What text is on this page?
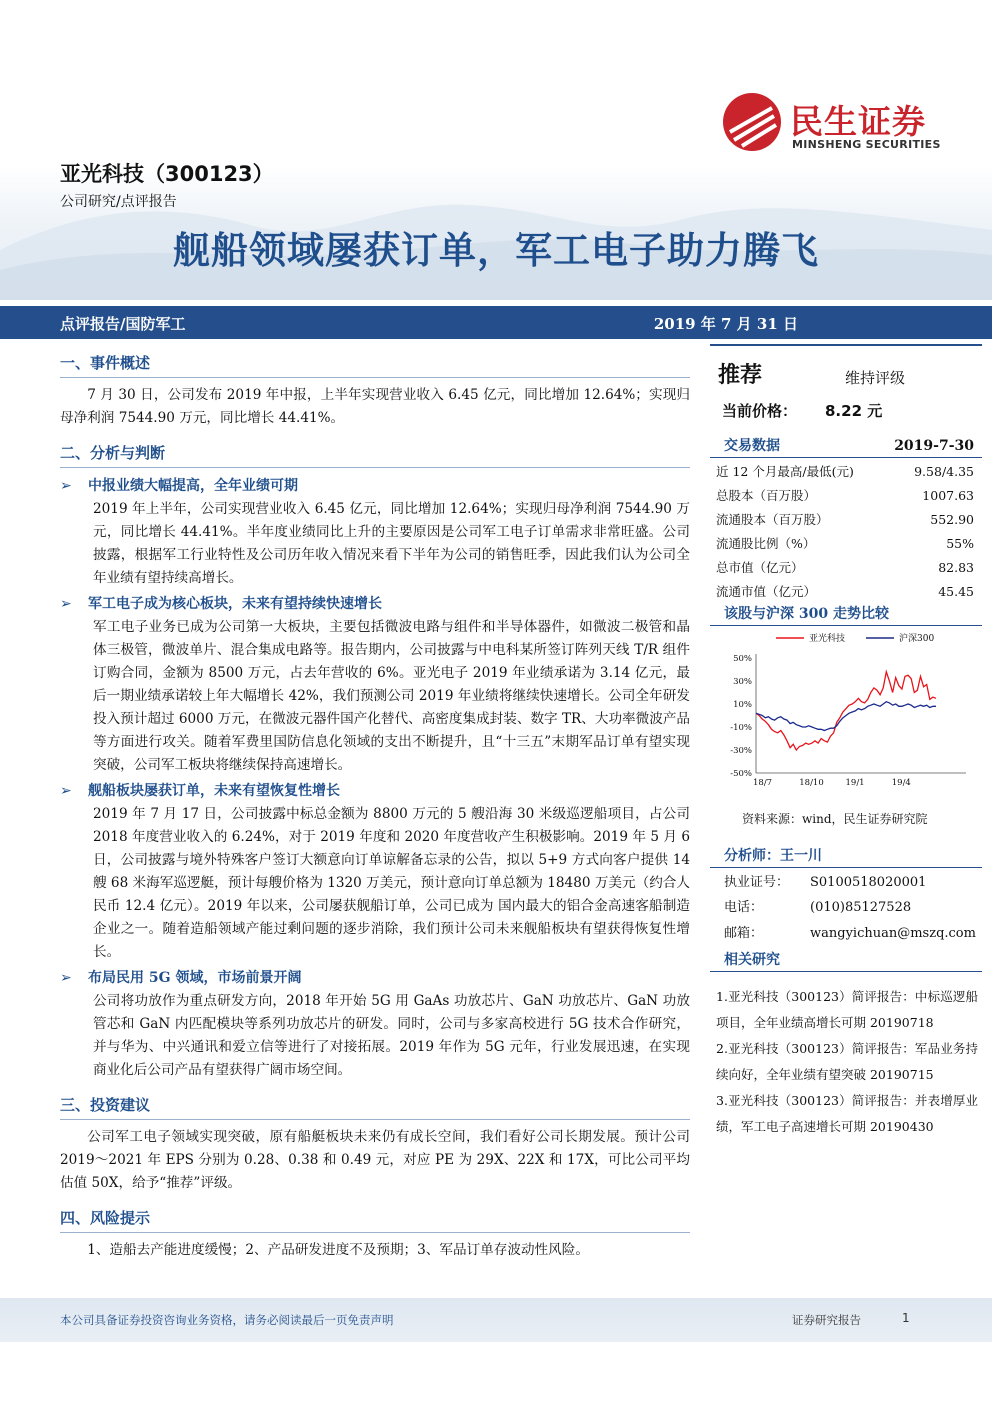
民生证券
MINSHENG SECURITIES
亚光科技（300123）
公司研究/点评报告
舰船领域屡获订单，军工电子助力腾飞
点评报告/国防军工	2019 年 7 月 31 日
一、事件概述
7 月 30 日，公司发布 2019 年中报，上半年实现营业收入 6.45 亿元，同比增加 12.64%；实现归母净利润 7544.90 万元，同比增长 44.41%。
二、分析与判断
➢ 中报业绩大幅提高，全年业绩可期
2019 年上半年，公司实现营业收入 6.45 亿元，同比增加 12.64%；实现归母净利润 7544.90 万元，同比增长 44.41%。半年度业绩同比上升的主要原因是公司军工电子订单需求非常旺盛。公司披露，根据军工行业特性及公司历年收入情况来看下半年为公司的销售旺季，因此我们认为公司全年业绩有望持续高增长。
➢ 军工电子成为核心板块，未来有望持续快速增长
军工电子业务已成为公司第一大板块，主要包括微波电路与组件和半导体器件，如微波二极管和晶体三极管，微波单片、混合集成电路等。报告期内，公司披露与中电科某所签订阵列天线 T/R 组件订购合同，金额为 8500 万元，占去年营收的 6%。亚光电子 2019 年业绩承诺为 3.14 亿元，最后一期业绩承诺较上年大幅增长 42%，我们预测公司 2019 年业绩将继续快速增长。公司全年研发投入预计超过 6000 万元，在微波元器件国产化替代、高密度集成封装、数字 TR、大功率微波产品等方面进行攻关。随着军费里国防信息化领域的支出不断提升，且“十三五”末期军品订单有望实现突破，公司军工板块将继续保持高速增长。
➢ 舰船板块屡获订单，未来有望恢复性增长
2019 年 7 月 17 日，公司披露中标总金额为 8800 万元的 5 艘沿海 30 米级巡逻船项目，占公司 2018 年度营业收入的 6.24%，对于 2019 年度和 2020 年度营收产生积极影响。2019 年 5 月 6 日，公司披露与境外特殊客户签订大额意向订单谅解备忘录的公告，拟以 5+9 方式向客户提供 14 艘 68 米海军巡逻艇，预计每艘价格为 1320 万美元，预计意向订单总额为 18480 万美元（约合人民币 12.4 亿元）。2019 年以来，公司屡获舰船订单，公司已成为 国内最大的铝合金高速客船制造企业之一。随着造船领域产能过剩问题的逐步消除，我们预计公司未来舰船板块有望获得恢复性增长。
➢ 布局民用 5G 领域，市场前景开阔
公司将功放作为重点研发方向，2018 年开始 5G 用 GaAs 功放芯片、GaN 功放芯片、GaN 功放管芯和 GaN 内匹配模块等系列功放芯片的研发。同时，公司与多家高校进行 5G 技术合作研究，并与华为、中兴通讯和爱立信等进行了对接拓展。2019 年作为 5G 元年，行业发展迅速，在实现商业化后公司产品有望获得广阔市场空间。
三、投资建议
公司军工电子领域实现突破，原有船艇板块未来仍有成长空间，我们看好公司长期发展。预计公司 2019～2021 年 EPS 分别为 0.28、0.38 和 0.49 元，对应 PE 为 29X、22X 和 17X，可比公司平均估值 50X，给予“推荐”评级。
四、风险提示
1、造船去产能进度缓慢；2、产品研发进度不及预期；3、军品订单存波动性风险。
推荐	维持评级
当前价格： 8.22 元
交易数据	2019-7-30
近 12 个月最高/最低(元)	9.58/4.35
总股本（百万股）	1007.63
流通股本（百万股）	552.90
流通股比例（%）	55%
总市值（亿元）	82.83
流通市值（亿元）	45.45
该股与沪深 300 走势比较
亚光科技	沪深300
50%
30%
10%
-10%
-30%
-50%
18/7	18/10	19/1	19/4
资料来源：wind，民生证券研究院
分析师：王一川
执业证号： S0100518020001
电话：	(010)85127528
邮箱：	wangyichuan@mszq.com
相关研究
1.亚光科技（300123）简评报告：中标巡逻船项目，全年业绩高增长可期 20190718
2.亚光科技（300123）简评报告：军品业务持续向好，全年业绩有望突破 20190715
3.亚光科技（300123）简评报告：并表增厚业绩，军工电子高速增长可期 20190430
本公司具备证券投资咨询业务资格，请务必阅读最后一页免责声明	证券研究报告	1
